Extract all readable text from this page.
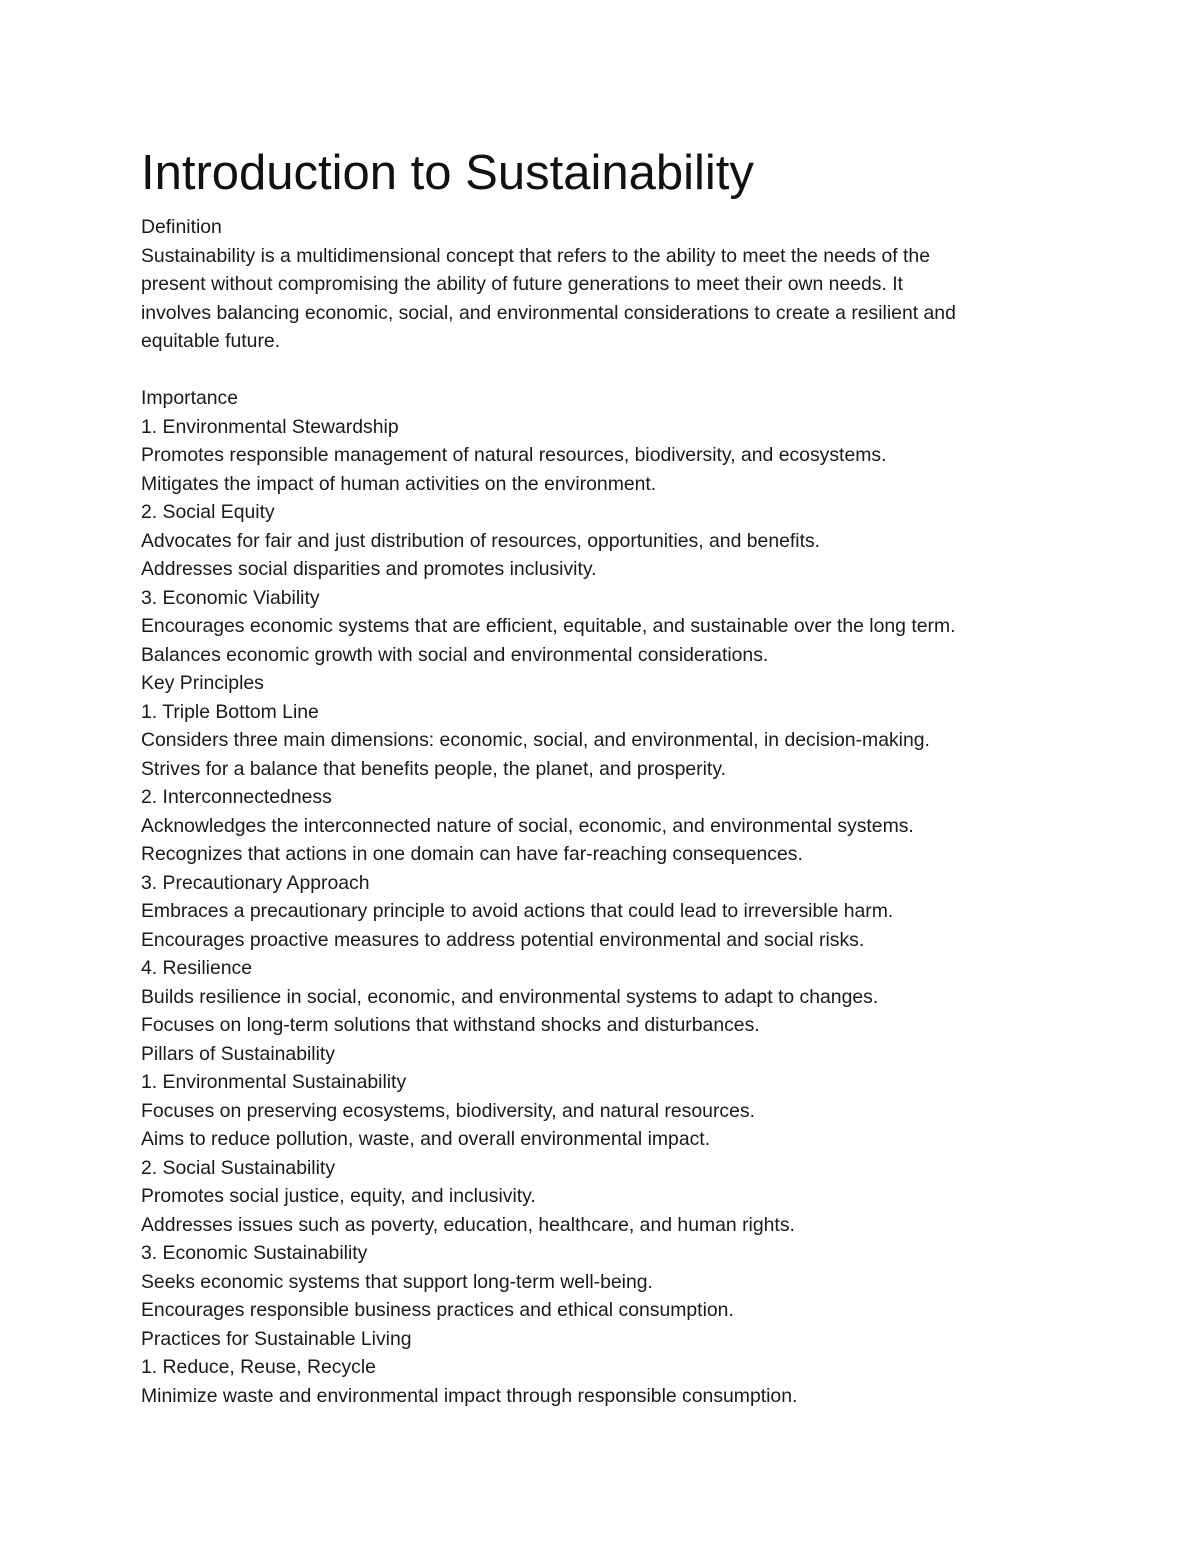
Introduction to Sustainability
Definition
Sustainability is a multidimensional concept that refers to the ability to meet the needs of the
present without compromising the ability of future generations to meet their own needs. It
involves balancing economic, social, and environmental considerations to create a resilient and
equitable future.
Importance
1. Environmental Stewardship
Promotes responsible management of natural resources, biodiversity, and ecosystems.
Mitigates the impact of human activities on the environment.
2. Social Equity
Advocates for fair and just distribution of resources, opportunities, and benefits.
Addresses social disparities and promotes inclusivity.
3. Economic Viability
Encourages economic systems that are efficient, equitable, and sustainable over the long term.
Balances economic growth with social and environmental considerations.
Key Principles
1. Triple Bottom Line
Considers three main dimensions: economic, social, and environmental, in decision-making.
Strives for a balance that benefits people, the planet, and prosperity.
2. Interconnectedness
Acknowledges the interconnected nature of social, economic, and environmental systems.
Recognizes that actions in one domain can have far-reaching consequences.
3. Precautionary Approach
Embraces a precautionary principle to avoid actions that could lead to irreversible harm.
Encourages proactive measures to address potential environmental and social risks.
4. Resilience
Builds resilience in social, economic, and environmental systems to adapt to changes.
Focuses on long-term solutions that withstand shocks and disturbances.
Pillars of Sustainability
1. Environmental Sustainability
Focuses on preserving ecosystems, biodiversity, and natural resources.
Aims to reduce pollution, waste, and overall environmental impact.
2. Social Sustainability
Promotes social justice, equity, and inclusivity.
Addresses issues such as poverty, education, healthcare, and human rights.
3. Economic Sustainability
Seeks economic systems that support long-term well-being.
Encourages responsible business practices and ethical consumption.
Practices for Sustainable Living
1. Reduce, Reuse, Recycle
Minimize waste and environmental impact through responsible consumption.
